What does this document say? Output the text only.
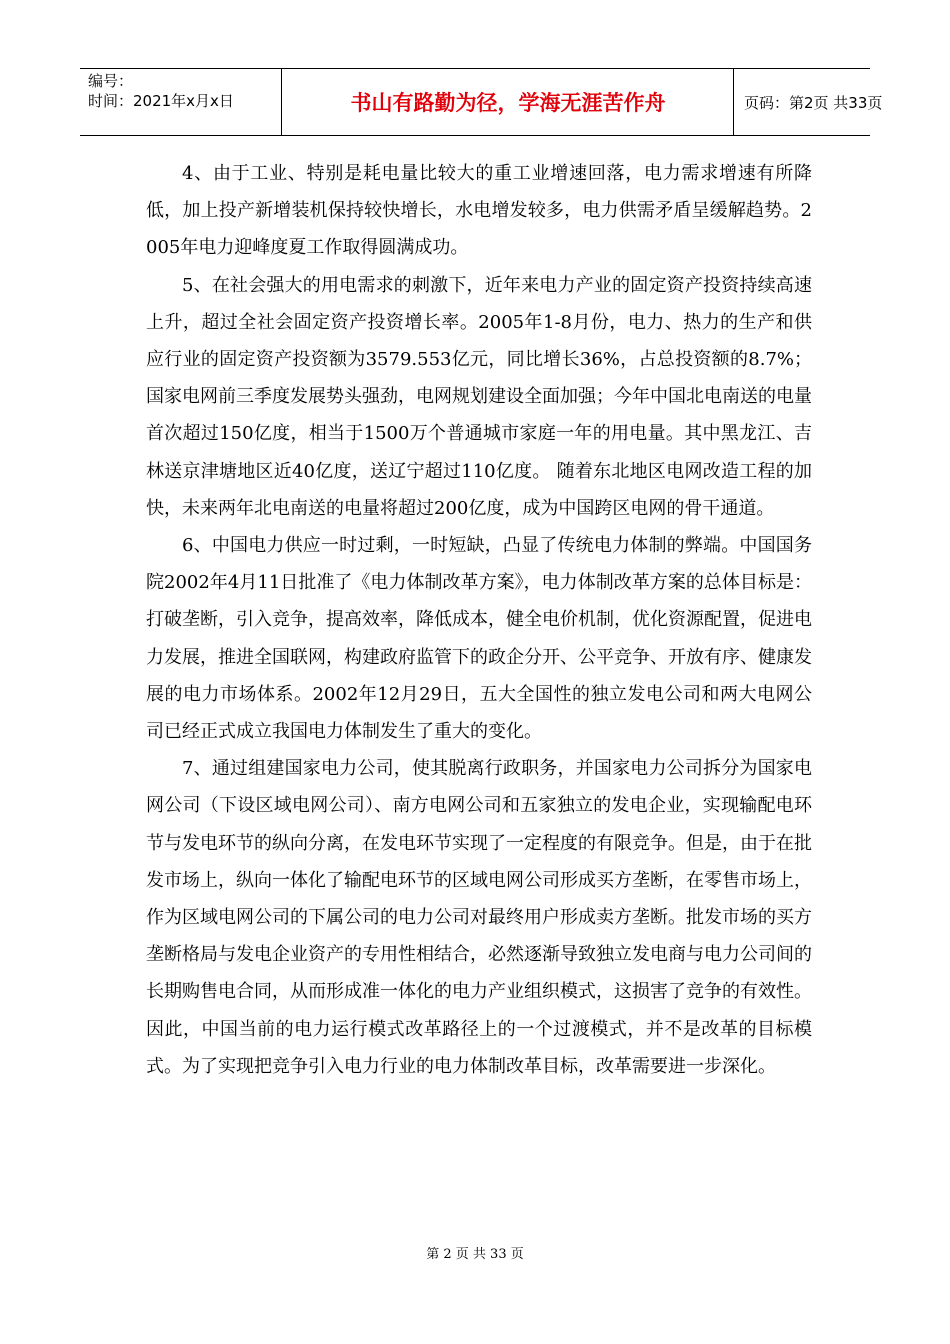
编号：
时间：2021年x月x日	书山有路勤为径，学海无涯苦作舟	页码：第2页 共33页

4、由于工业、特别是耗电量比较大的重工业增速回落，电力需求增速有所降低，加上投产新增装机保持较快增长，水电增发较多，电力供需矛盾呈缓解趋势。2005年电力迎峰度夏工作取得圆满成功。

5、在社会强大的用电需求的刺激下，近年来电力产业的固定资产投资持续高速上升，超过全社会固定资产投资增长率。2005年1-8月份，电力、热力的生产和供应行业的固定资产投资额为3579.553亿元，同比增长36%，占总投资额的8.7%；国家电网前三季度发展势头强劲，电网规划建设全面加强；今年中国北电南送的电量首次超过150亿度，相当于1500万个普通城市家庭一年的用电量。其中黑龙江、吉林送京津塘地区近40亿度，送辽宁超过110亿度。 随着东北地区电网改造工程的加快，未来两年北电南送的电量将超过200亿度，成为中国跨区电网的骨干通道。

6、中国电力供应一时过剩，一时短缺，凸显了传统电力体制的弊端。中国国务院2002年4月11日批准了《电力体制改革方案》，电力体制改革方案的总体目标是：打破垄断，引入竞争，提高效率，降低成本，健全电价机制，优化资源配置，促进电力发展，推进全国联网，构建政府监管下的政企分开、公平竞争、开放有序、健康发展的电力市场体系。2002年12月29日，五大全国性的独立发电公司和两大电网公司已经正式成立我国电力体制发生了重大的变化。

7、通过组建国家电力公司，使其脱离行政职务，并国家电力公司拆分为国家电网公司（下设区域电网公司）、南方电网公司和五家独立的发电企业，实现输配电环节与发电环节的纵向分离，在发电环节实现了一定程度的有限竞争。但是，由于在批发市场上，纵向一体化了输配电环节的区域电网公司形成买方垄断，在零售市场上，作为区域电网公司的下属公司的电力公司对最终用户形成卖方垄断。批发市场的买方垄断格局与发电企业资产的专用性相结合，必然逐渐导致独立发电商与电力公司间的长期购售电合同，从而形成准一体化的电力产业组织模式，这损害了竞争的有效性。因此，中国当前的电力运行模式改革路径上的一个过渡模式，并不是改革的目标模式。为了实现把竞争引入电力行业的电力体制改革目标，改革需要进一步深化。

第 2 页 共 33 页
